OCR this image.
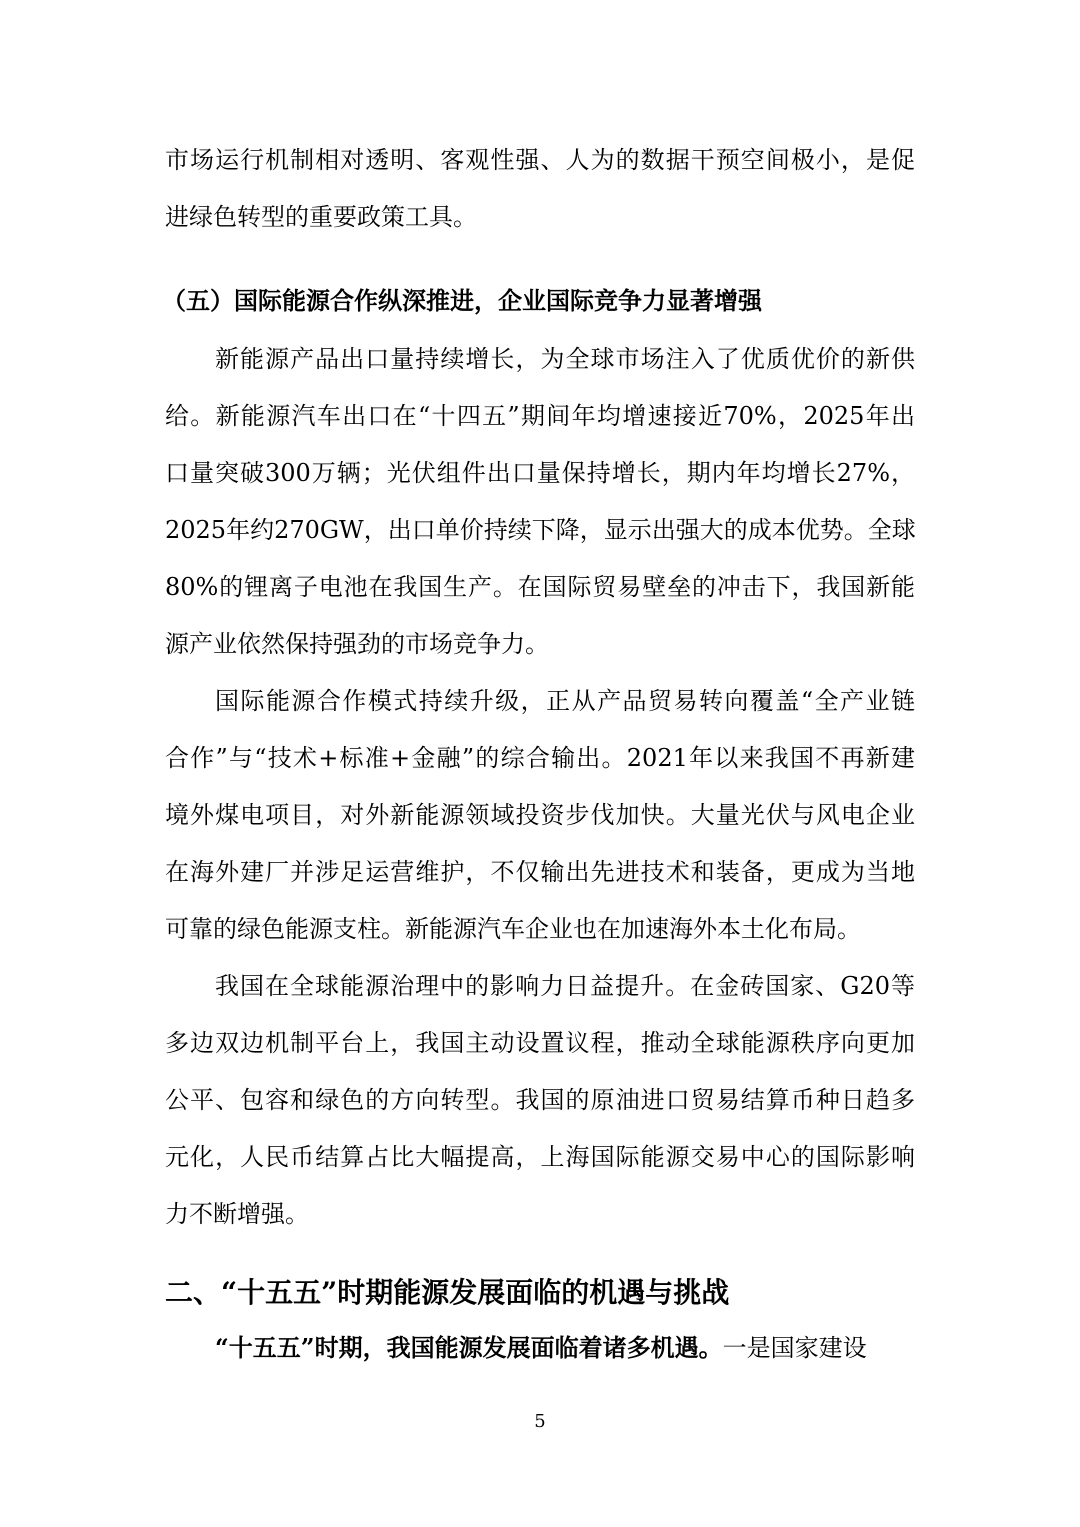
市场运行机制相对透明、客观性强、人为的数据干预空间极小，是促
进绿色转型的重要政策工具。
（五）国际能源合作纵深推进，企业国际竞争力显著增强
新能源产品出口量持续增长，为全球市场注入了优质优价的新供
给。新能源汽车出口在“十四五”期间年均增速接近70%，2025年出
口量突破300万辆；光伏组件出口量保持增长，期内年均增长27%，
2025年约270GW，出口单价持续下降，显示出强大的成本优势。全球
80%的锂离子电池在我国生产。在国际贸易壁垒的冲击下，我国新能
源产业依然保持强劲的市场竞争力。
国际能源合作模式持续升级，正从产品贸易转向覆盖“全产业链
合作”与“技术+标准+金融”的综合输出。2021年以来我国不再新建
境外煤电项目，对外新能源领域投资步伐加快。大量光伏与风电企业
在海外建厂并涉足运营维护，不仅输出先进技术和装备，更成为当地
可靠的绿色能源支柱。新能源汽车企业也在加速海外本土化布局。
我国在全球能源治理中的影响力日益提升。在金砖国家、G20等
多边双边机制平台上，我国主动设置议程，推动全球能源秩序向更加
公平、包容和绿色的方向转型。我国的原油进口贸易结算币种日趋多
元化，人民币结算占比大幅提高，上海国际能源交易中心的国际影响
力不断增强。
二、“十五五”时期能源发展面临的机遇与挑战
“十五五”时期，我国能源发展面临着诸多机遇。一是国家建设
5
